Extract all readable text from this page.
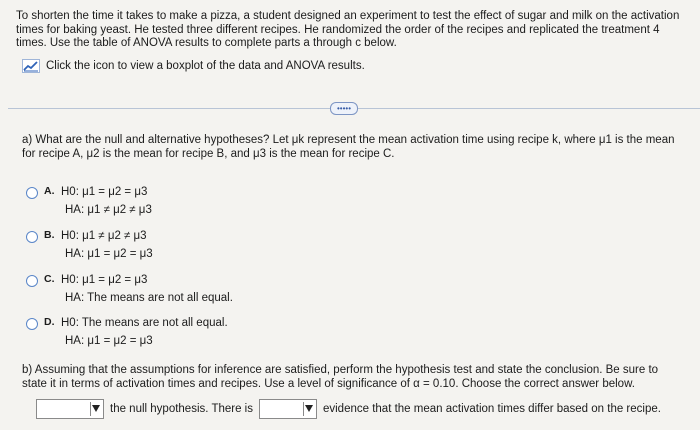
To shorten the time it takes to make a pizza, a student designed an experiment to test the effect of sugar and milk on the activation times for baking yeast. He tested three different recipes. He randomized the order of the recipes and replicated the treatment 4 times. Use the table of ANOVA results to complete parts a through c below.
Click the icon to view a boxplot of the data and ANOVA results.
•••••
a) What are the null and alternative hypotheses? Let μk represent the mean activation time using recipe k, where μ1 is the mean for recipe A, μ2 is the mean for recipe B, and μ3 is the mean for recipe C.
A. H0: μ1 = μ2 = μ3
HA: μ1 ≠ μ2 ≠ μ3
B. H0: μ1 ≠ μ2 ≠ μ3
HA: μ1 = μ2 = μ3
C. H0: μ1 = μ2 = μ3
HA: The means are not all equal.
D. H0: The means are not all equal.
HA: μ1 = μ2 = μ3
b) Assuming that the assumptions for inference are satisfied, perform the hypothesis test and state the conclusion. Be sure to state it in terms of activation times and recipes. Use a level of significance of α = 0.10. Choose the correct answer below.
the null hypothesis. There is	evidence that the mean activation times differ based on the recipe.
